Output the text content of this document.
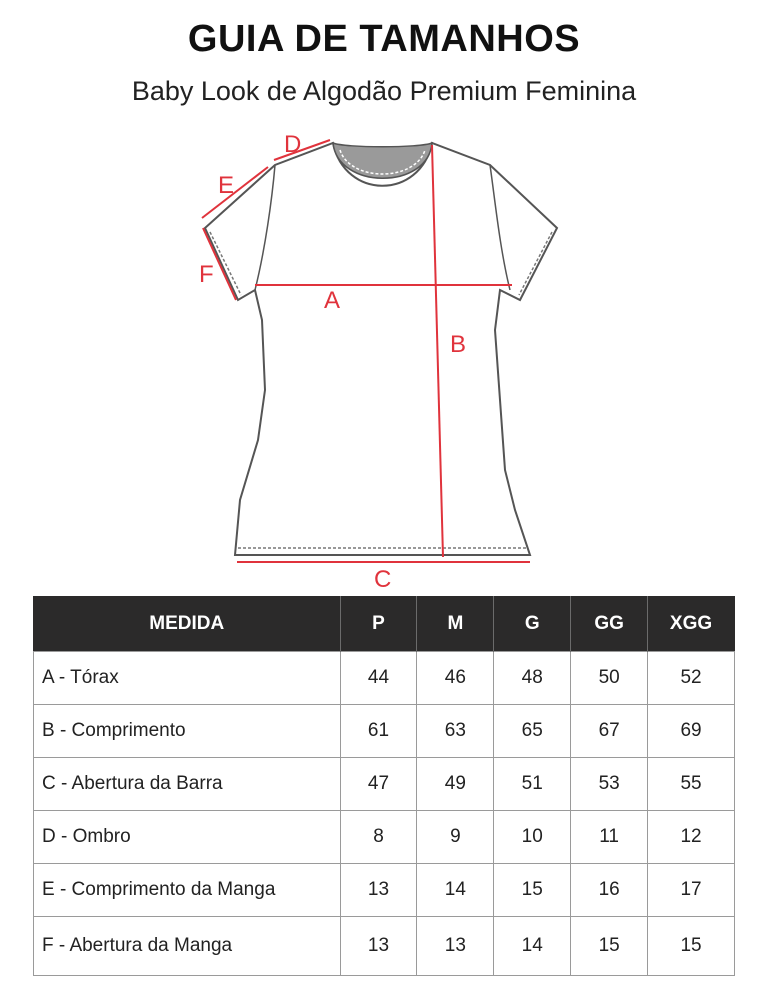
GUIA DE TAMANHOS
Baby Look de Algodão Premium Feminina
A
B
C
D
E
F
MEDIDA	P	M	G	GG	XGG
A - Tórax	44	46	48	50	52
B - Comprimento	61	63	65	67	69
C - Abertura da Barra	47	49	51	53	55
D - Ombro	8	9	10	11	12
E - Comprimento da Manga	13	14	15	16	17
F - Abertura da Manga	13	13	14	15	15
